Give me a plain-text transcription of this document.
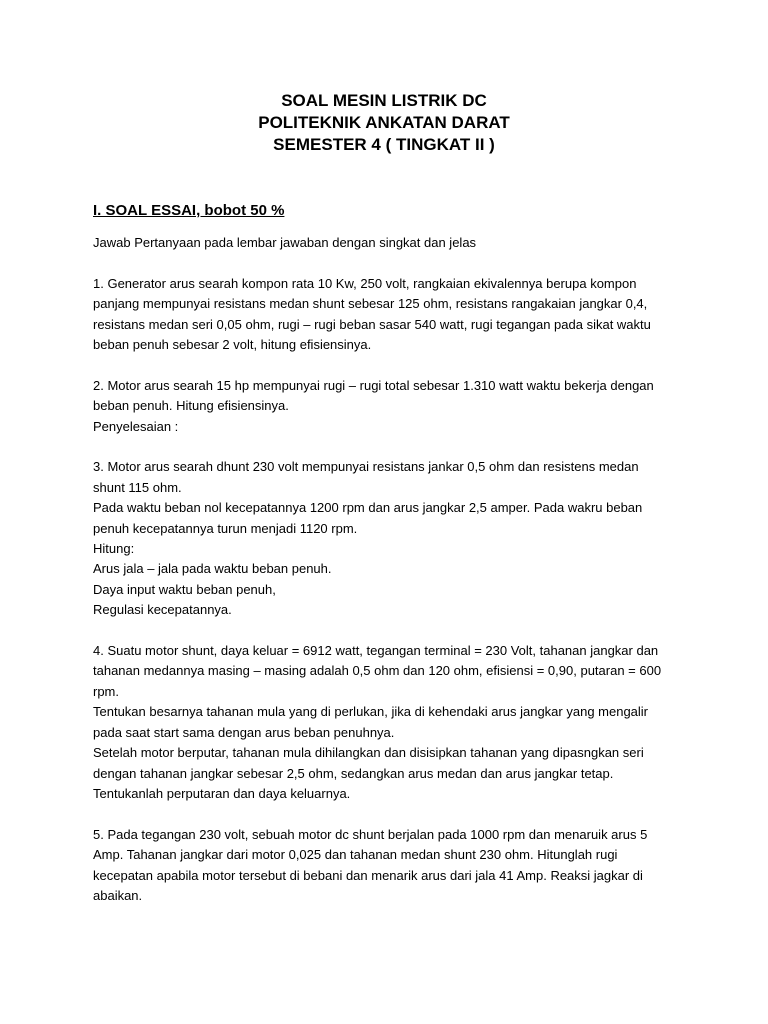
SOAL MESIN LISTRIK DC
POLITEKNIK ANKATAN DARAT
SEMESTER 4 ( TINGKAT II )
I. SOAL ESSAI, bobot 50 %
Jawab Pertanyaan pada lembar jawaban dengan singkat dan jelas
1. Generator arus searah kompon rata 10 Kw, 250 volt, rangkaian ekivalennya berupa kompon
panjang mempunyai resistans medan shunt sebesar 125 ohm, resistans rangakaian jangkar 0,4,
resistans medan seri 0,05 ohm, rugi – rugi beban sasar 540 watt, rugi tegangan pada sikat waktu
beban penuh sebesar 2 volt, hitung efisiensinya.
2. Motor arus searah 15 hp mempunyai rugi – rugi total sebesar 1.310 watt waktu bekerja dengan
beban penuh. Hitung efisiensinya.
Penyelesaian :
3. Motor arus searah dhunt 230 volt mempunyai resistans jankar 0,5 ohm dan resistens medan
shunt 115 ohm.
Pada waktu beban nol kecepatannya 1200 rpm dan arus jangkar 2,5 amper. Pada wakru beban
penuh kecepatannya turun menjadi 1120 rpm.
Hitung:
Arus jala – jala pada waktu beban penuh.
Daya input waktu beban penuh,
Regulasi kecepatannya.
4. Suatu motor shunt, daya keluar = 6912 watt, tegangan terminal = 230 Volt, tahanan jangkar dan
tahanan medannya masing – masing adalah 0,5 ohm dan 120 ohm, efisiensi = 0,90, putaran = 600
rpm.
Tentukan besarnya tahanan mula yang di perlukan, jika di kehendaki arus jangkar yang mengalir
pada saat start sama dengan arus beban penuhnya.
Setelah motor berputar, tahanan mula dihilangkan dan disisipkan tahanan yang dipasngkan seri
dengan tahanan jangkar sebesar 2,5 ohm, sedangkan arus medan dan arus jangkar tetap.
Tentukanlah perputaran dan daya keluarnya.
5. Pada tegangan 230 volt, sebuah motor dc shunt berjalan pada 1000 rpm dan menaruik arus 5
Amp. Tahanan jangkar dari motor 0,025 dan tahanan medan shunt 230 ohm. Hitunglah rugi
kecepatan apabila motor tersebut di bebani dan menarik arus dari jala 41 Amp. Reaksi jagkar di
abaikan.
